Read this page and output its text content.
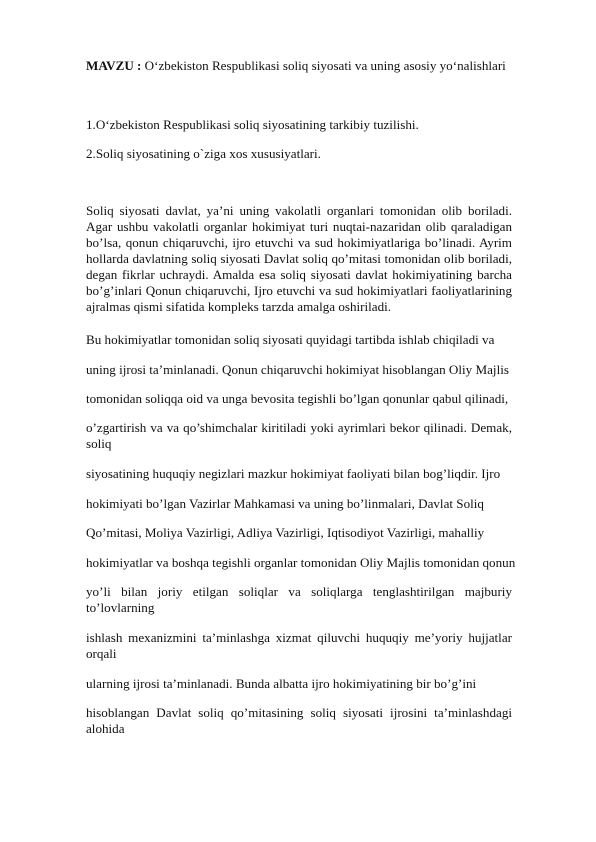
MAVZU : O‘zbekiston Respublikasi soliq siyosati va uning asosiy yo‘nalishlari
1.O‘zbekiston Respublikasi soliq siyosatining tarkibiy tuzilishi.
2.Soliq siyosatining o`ziga xos xususiyatlari.

Soliq siyosati davlat, ya’ni uning vakolatli organlari tomonidan olib boriladi. Agar ushbu vakolatli organlar hokimiyat turi nuqtai-nazaridan olib qaraladigan bo’lsa, qonun chiqaruvchi, ijro etuvchi va sud hokimiyatlariga bo’linadi. Ayrim hollarda davlatning soliq siyosati Davlat soliq qo’mitasi tomonidan olib boriladi, degan fikrlar uchraydi. Amalda esa soliq siyosati davlat hokimiyatining barcha bo’g’inlari Qonun chiqaruvchi, Ijro etuvchi va sud hokimiyatlari faoliyatlarining ajralmas qismi sifatida kompleks tarzda amalga oshiriladi.

Bu hokimiyatlar tomonidan soliq siyosati quyidagi tartibda ishlab chiqiladi va
uning ijrosi ta’minlanadi. Qonun chiqaruvchi hokimiyat hisoblangan Oliy Majlis
tomonidan soliqqa oid va unga bevosita tegishli bo’lgan qonunlar qabul qilinadi,
o’zgartirish va va qo’shimchalar kiritiladi yoki ayrimlari bekor qilinadi. Demak,
soliq
siyosatining huquqiy negizlari mazkur hokimiyat faoliyati bilan bog’liqdir. Ijro
hokimiyati bo’lgan Vazirlar Mahkamasi va uning bo’linmalari, Davlat Soliq
Qo’mitasi, Moliya Vazirligi, Adliya Vazirligi, Iqtisodiyot Vazirligi, mahalliy
hokimiyatlar va boshqa tegishli organlar tomonidan Oliy Majlis tomonidan qonun
yo’li bilan joriy etilgan soliqlar va soliqlarga tenglashtirilgan majburiy
to’lovlarning
ishlash mexanizmini ta’minlashga xizmat qiluvchi huquqiy me’yoriy hujjatlar
orqali
ularning ijrosi ta’minlanadi. Bunda albatta ijro hokimiyatining bir bo’g’ini
hisoblangan Davlat soliq qo’mitasining soliq siyosati ijrosini ta’minlashdagi
alohida
